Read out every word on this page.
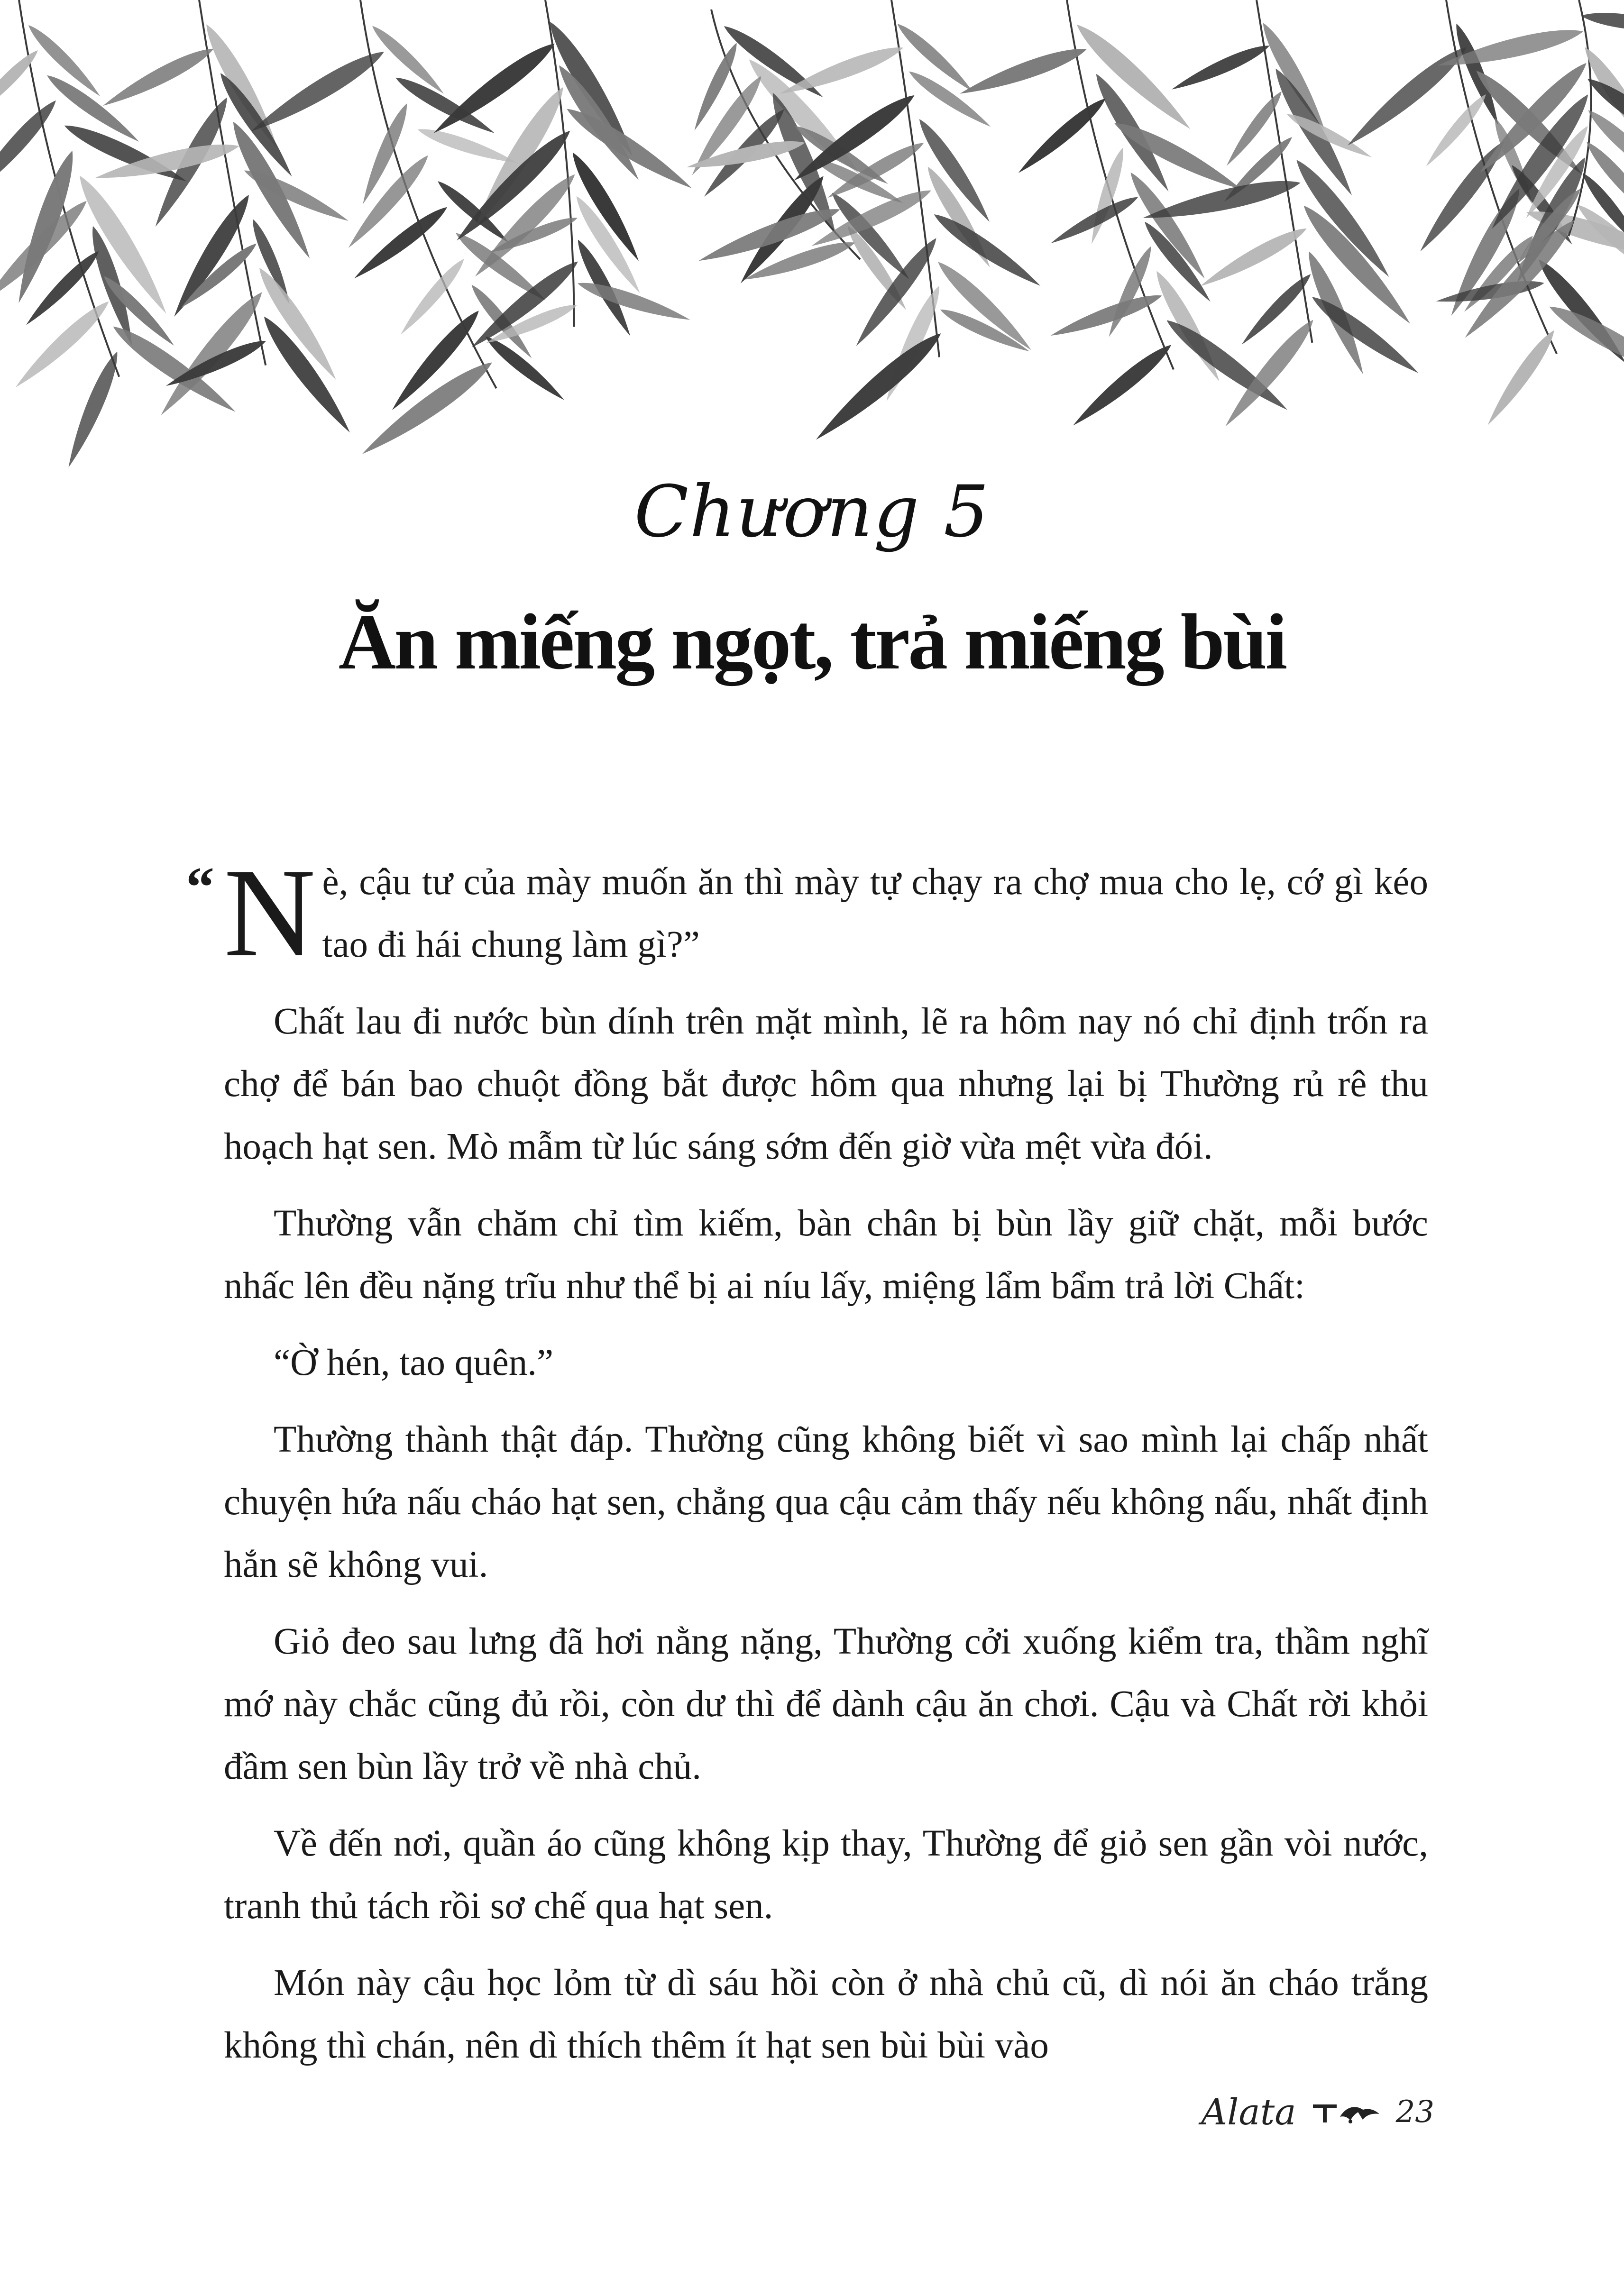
Chương 5
Ăn miếng ngọt, trả miếng bùi

“ N è, cậu tư của mày muốn ăn thì mày tự chạy ra chợ mua cho lẹ, cớ gì kéo tao đi hái chung làm gì?”

Chất lau đi nước bùn dính trên mặt mình, lẽ ra hôm nay nó chỉ định trốn ra chợ để bán bao chuột đồng bắt được hôm qua nhưng lại bị Thường rủ rê thu hoạch hạt sen. Mò mẫm từ lúc sáng sớm đến giờ vừa mệt vừa đói.

Thường vẫn chăm chỉ tìm kiếm, bàn chân bị bùn lầy giữ chặt, mỗi bước nhấc lên đều nặng trĩu như thể bị ai níu lấy, miệng lẩm bẩm trả lời Chất:

“Ờ hén, tao quên.”

Thường thành thật đáp. Thường cũng không biết vì sao mình lại chấp nhất chuyện hứa nấu cháo hạt sen, chẳng qua cậu cảm thấy nếu không nấu, nhất định hắn sẽ không vui.

Giỏ đeo sau lưng đã hơi nằng nặng, Thường cởi xuống kiểm tra, thầm nghĩ mớ này chắc cũng đủ rồi, còn dư thì để dành cậu ăn chơi. Cậu và Chất rời khỏi đầm sen bùn lầy trở về nhà chủ.

Về đến nơi, quần áo cũng không kịp thay, Thường để giỏ sen gần vòi nước, tranh thủ tách rồi sơ chế qua hạt sen.

Món này cậu học lỏm từ dì sáu hồi còn ở nhà chủ cũ, dì nói ăn cháo trắng không thì chán, nên dì thích thêm ít hạt sen bùi bùi vào

Alata	23
